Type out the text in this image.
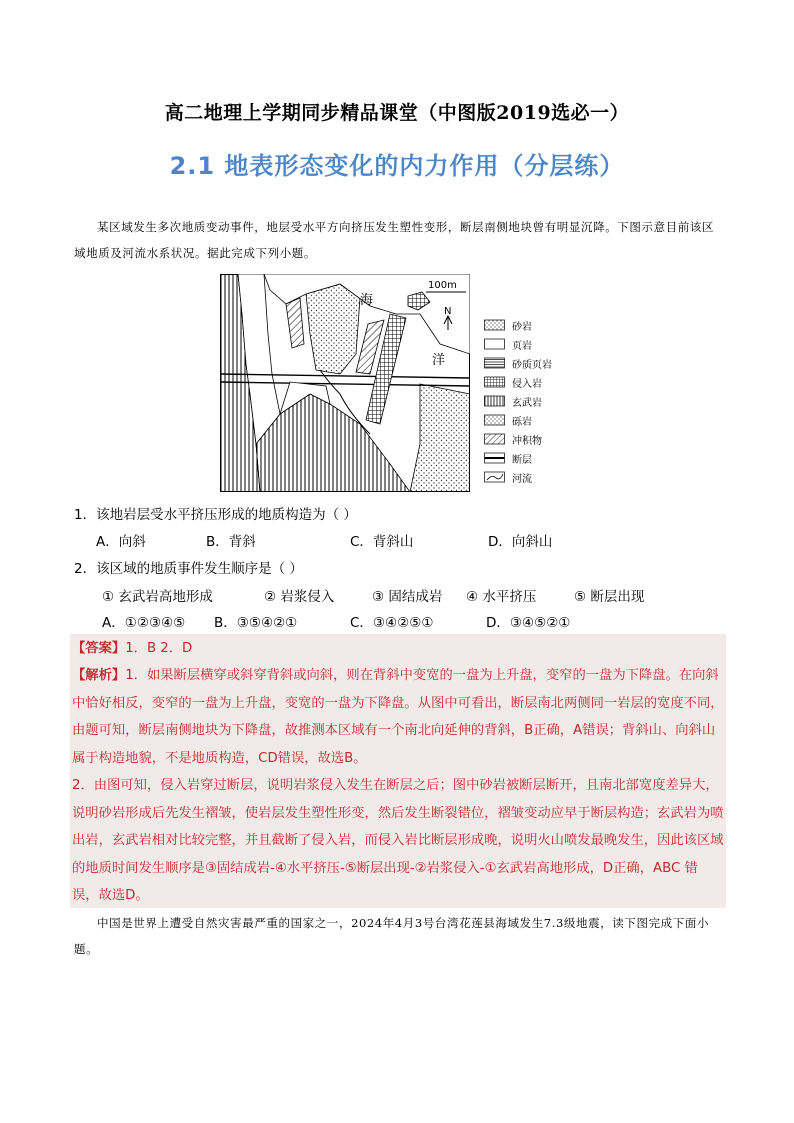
高二地理上学期同步精品课堂（中图版2019选必一）
2.1 地表形态变化的内力作用（分层练）
某区域发生多次地质变动事件，地层受水平方向挤压发生塑性变形，断层南侧地块曾有明显沉降。下图示意目前该区域地质及河流水系状况。据此完成下列小题。
海
洋
100m
N
砂岩
页岩
砂质页岩
侵入岩
玄武岩
砾岩
冲积物
断层
河流
1．该地岩层受水平挤压形成的地质构造为（ ）
A．向斜	B．背斜	C．背斜山	D．向斜山
2．该区域的地质事件发生顺序是（ ）
① 玄武岩高地形成	② 岩浆侵入	③ 固结成岩 ④ 水平挤压	⑤ 断层出现
A．①②③④⑤ B．③⑤④②①	C．③④②⑤①	D．③④⑤②①
【答案】1．B 2．D
【解析】1．如果断层横穿或斜穿背斜或向斜，则在背斜中变宽的一盘为上升盘，变窄的一盘为下降盘。在向斜中恰好相反，变窄的一盘为上升盘，变宽的一盘为下降盘。从图中可看出，断层南北两侧同一岩层的宽度不同，由题可知，断层南侧地块为下降盘，故推测本区域有一个南北向延伸的背斜，B正确，A错误；背斜山、向斜山属于构造地貌，不是地质构造，CD错误，故选B。
2．由图可知，侵入岩穿过断层，说明岩浆侵入发生在断层之后；图中砂岩被断层断开，且南北部宽度差异大，说明砂岩形成后先发生褶皱，使岩层发生塑性形变，然后发生断裂错位，褶皱变动应早于断层构造；玄武岩为喷出岩，玄武岩相对比较完整，并且截断了侵入岩，而侵入岩比断层形成晚，说明火山喷发最晚发生，因此该区域的地质时间发生顺序是③固结成岩-④水平挤压-⑤断层出现-②岩浆侵入-①玄武岩高地形成，D正确，ABC 错误，故选D。
中国是世界上遭受自然灾害最严重的国家之一，2024年4月3号台湾花莲县海域发生7.3级地震，读下图完成下面小题。
